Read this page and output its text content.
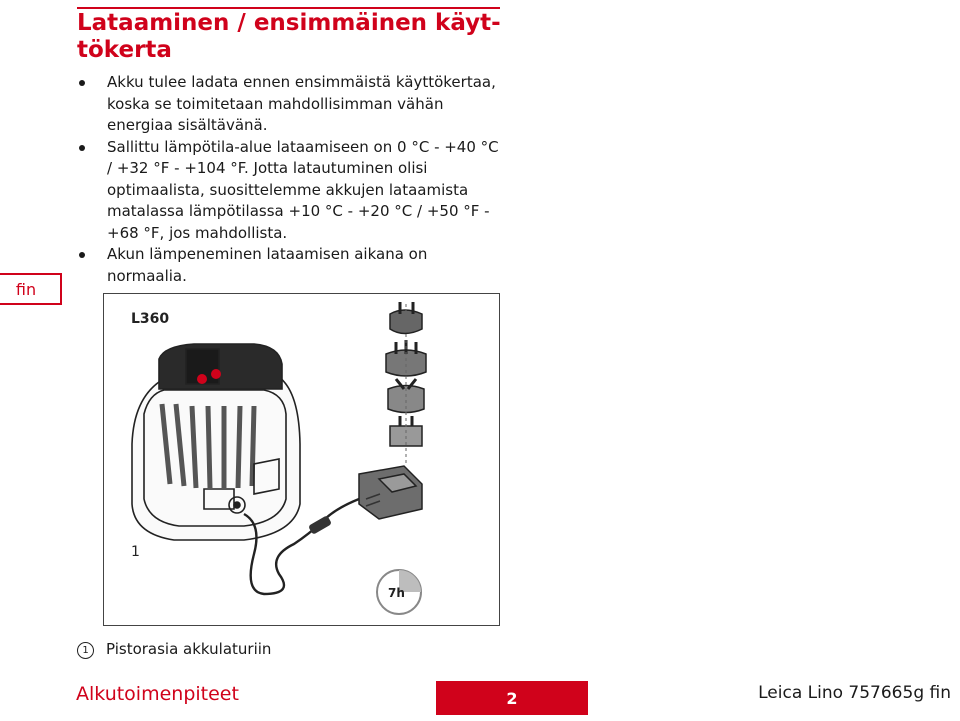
Lataaminen / ensimmäinen käyt-
tökerta
fin
Akku tulee ladata ennen ensimmäistä käyttökertaa, koska se toimitetaan mahdollisimman vähän energiaa sisältävänä.
Sallittu lämpötila-alue lataamiseen on 0 °C - +40 °C / +32 °F - +104 °F. Jotta latautuminen olisi optimaalista, suosittelemme akkujen lataamista matalassa lämpötilassa +10 °C - +20 °C / +50 °F - +68 °F, jos mahdollista.
Akun lämpeneminen lataamisen aikana on normaalia.
L360
1
7h
1 Pistorasia akkulaturiin
Alkutoimenpiteet	2	Leica Lino 757665g fin
